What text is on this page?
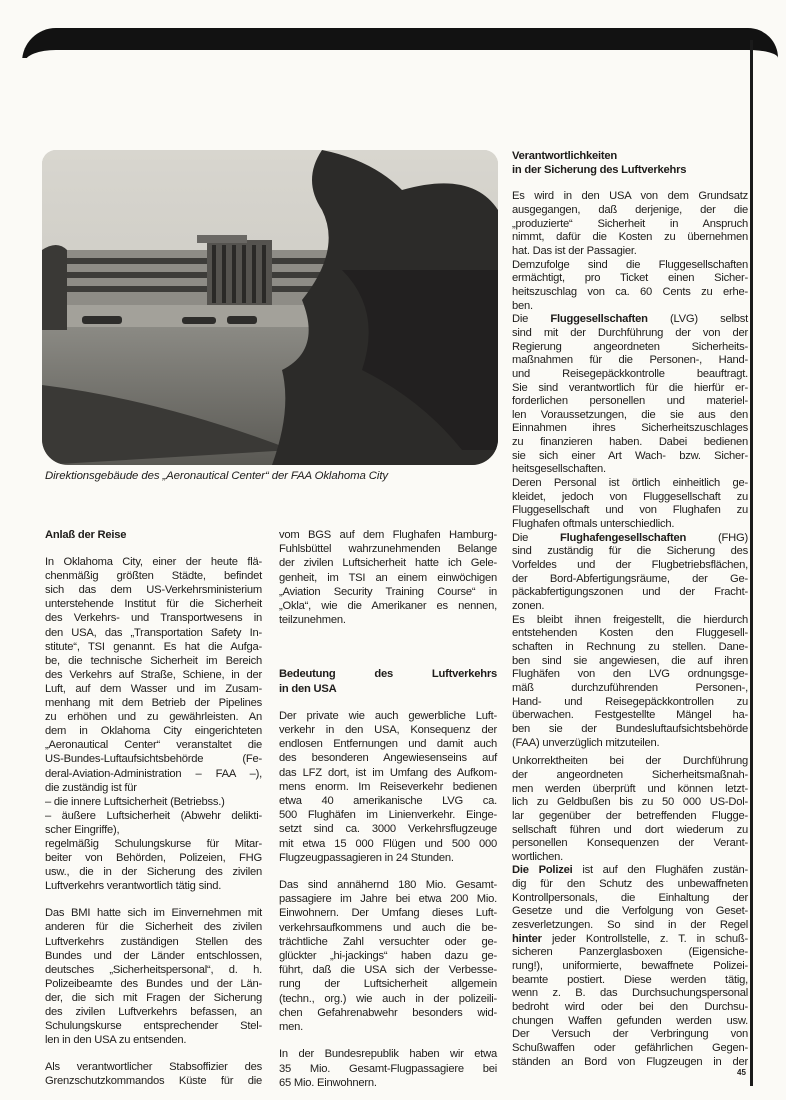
Direktionsgebäude des „Aeronautical Center“ der FAA Oklahoma City
Anlaß der Reise
In Oklahoma City, einer der heute flä-
chenmäßig größten Städte, befindet
sich das dem US-Verkehrsministerium
unterstehende Institut für die Sicherheit
des Verkehrs- und Transportwesens in
den USA, das „Transportation Safety In-
stitute“, TSI genannt. Es hat die Aufga-
be, die technische Sicherheit im Bereich
des Verkehrs auf Straße, Schiene, in der
Luft, auf dem Wasser und im Zusam-
menhang mit dem Betrieb der Pipelines
zu erhöhen und zu gewährleisten. An
dem in Oklahoma City eingerichteten
„Aeronautical Center“ veranstaltet die
US-Bundes-Luftaufsichtsbehörde (Fe-
deral-Aviation-Administration – FAA –),
die zuständig ist für
– die innere Luftsicherheit (Betriebss.)
– äußere Luftsicherheit (Abwehr delikti-
scher Eingriffe),
regelmäßig Schulungskurse für Mitar-
beiter von Behörden, Polizeien, FHG
usw., die in der Sicherung des zivilen
Luftverkehrs verantwortlich tätig sind.
Das BMI hatte sich im Einvernehmen mit
anderen für die Sicherheit des zivilen
Luftverkehrs zuständigen Stellen des
Bundes und der Länder entschlossen,
deutsches „Sicherheitspersonal“, d. h.
Polizeibeamte des Bundes und der Län-
der, die sich mit Fragen der Sicherung
des zivilen Luftverkehrs befassen, an
Schulungskurse entsprechender Stel-
len in den USA zu entsenden.
Als verantwortlicher Stabsoffizier des
Grenzschutzkommandos Küste für die
vom BGS auf dem Flughafen Hamburg-
Fuhlsbüttel wahrzunehmenden Belange
der zivilen Luftsicherheit hatte ich Gele-
genheit, im TSI an einem einwöchigen
„Aviation Security Training Course“ in
„Okla“, wie die Amerikaner es nennen,
teilzunehmen.
Bedeutung des Luftverkehrs
in den USA
Der private wie auch gewerbliche Luft-
verkehr in den USA, Konsequenz der
endlosen Entfernungen und damit auch
des besonderen Angewiesenseins auf
das LFZ dort, ist im Umfang des Aufkom-
mens enorm. Im Reiseverkehr bedienen
etwa 40 amerikanische LVG ca.
500 Flughäfen im Linienverkehr. Einge-
setzt sind ca. 3000 Verkehrsflugzeuge
mit etwa 15 000 Flügen und 500 000
Flugzeugpassagieren in 24 Stunden.
Das sind annähernd 180 Mio. Gesamt-
passagiere im Jahre bei etwa 200 Mio.
Einwohnern. Der Umfang dieses Luft-
verkehrsaufkommens und auch die be-
trächtliche Zahl versuchter oder ge-
glückter „hi-jackings“ haben dazu ge-
führt, daß die USA sich der Verbesse-
rung der Luftsicherheit allgemein
(techn., org.) wie auch in der polizeili-
chen Gefahrenabwehr besonders wid-
men.
In der Bundesrepublik haben wir etwa
35 Mio. Gesamt-Flugpassagiere bei
65 Mio. Einwohnern.
Verantwortlichkeiten
in der Sicherung des Luftverkehrs
Es wird in den USA von dem Grundsatz
ausgegangen, daß derjenige, der die
„produzierte“ Sicherheit in Anspruch
nimmt, dafür die Kosten zu übernehmen
hat. Das ist der Passagier.
Demzufolge sind die Fluggesellschaften
ermächtigt, pro Ticket einen Sicher-
heitszuschlag von ca. 60 Cents zu erhe-
ben.
Die Fluggesellschaften (LVG) selbst
sind mit der Durchführung der von der
Regierung angeordneten Sicherheits-
maßnahmen für die Personen-, Hand-
und Reisegepäckkontrolle beauftragt.
Sie sind verantwortlich für die hierfür er-
forderlichen personellen und materiel-
len Voraussetzungen, die sie aus den
Einnahmen ihres Sicherheitszuschlages
zu finanzieren haben. Dabei bedienen
sie sich einer Art Wach- bzw. Sicher-
heitsgesellschaften.
Deren Personal ist örtlich einheitlich ge-
kleidet, jedoch von Fluggesellschaft zu
Fluggesellschaft und von Flughafen zu
Flughafen oftmals unterschiedlich.
Die Flughafengesellschaften (FHG)
sind zuständig für die Sicherung des
Vorfeldes und der Flugbetriebsflächen,
der Bord-Abfertigungsräume, der Ge-
päckabfertigungszonen und der Fracht-
zonen.
Es bleibt ihnen freigestellt, die hierdurch
entstehenden Kosten den Fluggesell-
schaften in Rechnung zu stellen. Dane-
ben sind sie angewiesen, die auf ihren
Flughäfen von den LVG ordnungsge-
mäß durchzuführenden Personen-,
Hand- und Reisegepäckkontrollen zu
überwachen. Festgestellte Mängel ha-
ben sie der Bundesluftaufsichtsbehörde
(FAA) unverzüglich mitzuteilen.
Unkorrektheiten bei der Durchführung
der angeordneten Sicherheitsmaßnah-
men werden überprüft und können letzt-
lich zu Geldbußen bis zu 50 000 US-Dol-
lar gegenüber der betreffenden Flugge-
sellschaft führen und dort wiederum zu
personellen Konsequenzen der Verant-
wortlichen.
Die Polizei ist auf den Flughäfen zustän-
dig für den Schutz des unbewaffneten
Kontrollpersonals, die Einhaltung der
Gesetze und die Verfolgung von Geset-
zesverletzungen. So sind in der Regel
hinter jeder Kontrollstelle, z. T. in schuß-
sicheren Panzerglasboxen (Eigensiche-
rung!), uniformierte, bewaffnete Polizei-
beamte postiert. Diese werden tätig,
wenn z. B. das Durchsuchungspersonal
bedroht wird oder bei den Durchsu-
chungen Waffen gefunden werden usw.
Der Versuch der Verbringung von
Schußwaffen oder gefährlichen Gegen-
ständen an Bord von Flugzeugen in der
45
